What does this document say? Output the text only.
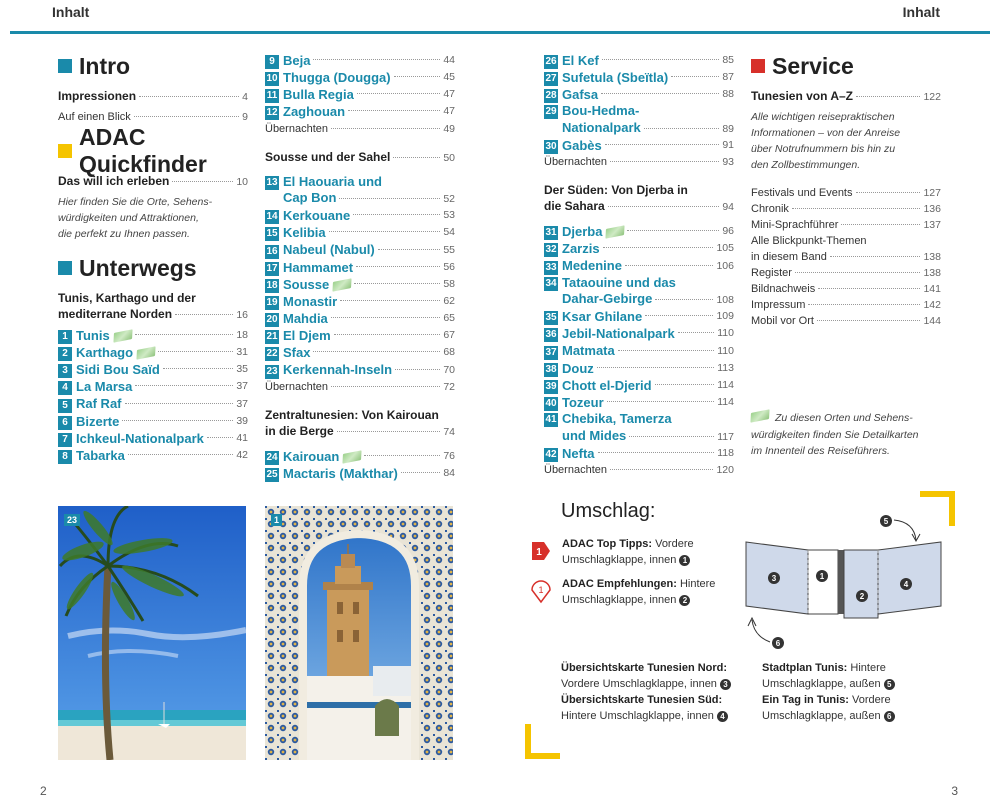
Inhalt	Inhalt
Intro
Impressionen	4
Auf einen Blick	9
ADAC Quickfinder
Das will ich erleben	10
Hier finden Sie die Orte, Sehens-
würdigkeiten und Attraktionen,
die perfekt zu Ihnen passen.
Unterwegs
Tunis, Karthago und der
mediterrane Norden	16
1 Tunis	18
2 Karthago	31
3 Sidi Bou Saïd	35
4 La Marsa	37
5 Raf Raf	37
6 Bizerte	39
7 Ichkeul-Nationalpark	41
8 Tabarka	42
9 Beja	44
10 Thugga (Dougga)	45
11 Bulla Regia	47
12 Zaghouan	47
Übernachten	49
Sousse und der Sahel	50
13 El Haouaria und
Cap Bon	52
14 Kerkouane	53
15 Kelibia	54
16 Nabeul (Nabul)	55
17 Hammamet	56
18 Sousse	58
19 Monastir	62
20 Mahdia	65
21 El Djem	67
22 Sfax	68
23 Kerkennah-Inseln	70
Übernachten	72
Zentraltunesien: Von Kairouan
in die Berge	74
24 Kairouan	76
25 Mactaris (Makthar)	84
26 El Kef	85
27 Sufetula (Sbeïtla)	87
28 Gafsa	88
29 Bou-Hedma-
Nationalpark	89
30 Gabès	91
Übernachten	93
Der Süden: Von Djerba in
die Sahara	94
31 Djerba	96
32 Zarzis	105
33 Medenine	106
34 Tataouine und das
Dahar-Gebirge	108
35 Ksar Ghilane	109
36 Jebil-Nationalpark	110
37 Matmata	110
38 Douz	113
39 Chott el-Djerid	114
40 Tozeur	114
41 Chebika, Tamerza
und Mides	117
42 Nefta	118
Übernachten	120
Service
Tunesien von A–Z	122
Alle wichtigen reisepraktischen
Informationen – von der Anreise
über Notrufnummern bis hin zu
den Zollbestimmungen.
Festivals und Events	127
Chronik	136
Mini-Sprachführer	137
Alle Blickpunkt-Themen
in diesem Band	138
Register	138
Bildnachweis	141
Impressum	142
Mobil vor Ort	144
Zu diesen Orten und Sehens-
würdigkeiten finden Sie Detailkarten
im Innenteil des Reiseführers.
23	1	Umschlag:
1
ADAC Top Tipps: Vordere
Umschlagklappe, innen 1
1 ADAC Empfehlungen: Hintere
Umschlagklappe, innen 2
3	1
2
4
5
6
Übersichtskarte Tunesien Nord:
Vordere Umschlagklappe, innen 3
Übersichtskarte Tunesien Süd:
Hintere Umschlagklappe, innen 4
Stadtplan Tunis: Hintere
Umschlagklappe, außen 5
Ein Tag in Tunis: Vordere
Umschlagklappe, außen 6
2	3
